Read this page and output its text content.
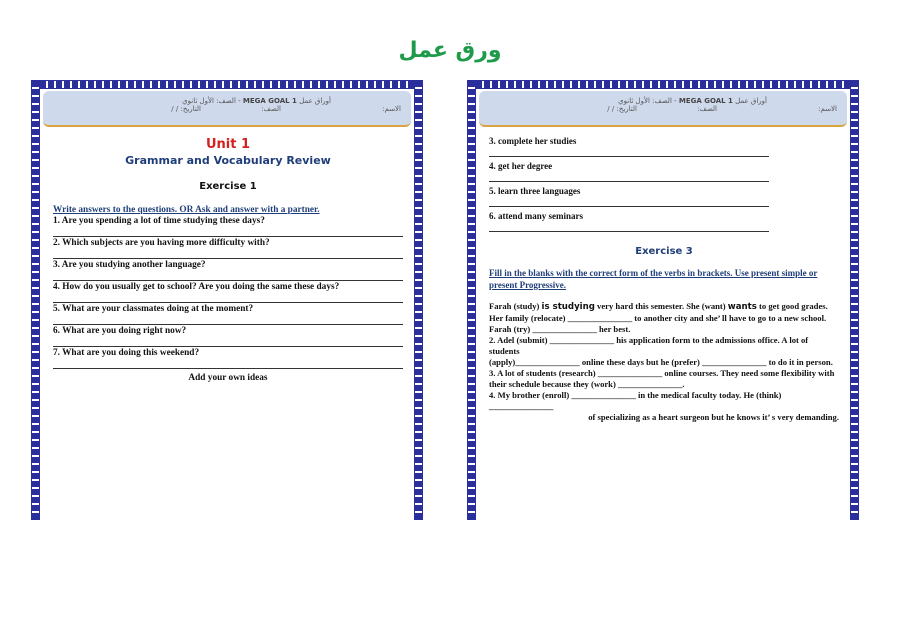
ورق عمل
أوراق عمل MEGA GOAL 1 - الصف: الأول ثانوي
الاسم:
الصف:
التاريخ: / /
Unit 1
Grammar and Vocabulary Review
Exercise 1
Write answers to the questions. OR Ask and answer with a partner.
1. Are you spending a lot of time studying these days?
2. Which subjects are you having more difficulty with?
3. Are you studying another language?
4. How do you usually get to school? Are you doing the same these days?
5. What are your classmates doing at the moment?
6. What are you doing right now?
7. What are you doing this weekend?
Add your own ideas
أوراق عمل MEGA GOAL 1 - الصف: الأول ثانوي
الاسم:
الصف:
التاريخ: / /
3. complete her studies
4. get her degree
5. learn three languages
6. attend many seminars
Exercise 3
Fill in the blanks with the correct form of the verbs in brackets. Use present simple or present Progressive.
Farah (study) is studying very hard this semester. She (want) wants to get good grades.
Her family (relocate) _______________ to another city and she’ ll have to go to a new school.
Farah (try) _______________ her best.
2. Adel (submit) _______________ his application form to the admissions office. A lot of students
(apply)_______________ online these days but he (prefer) _______________ to do it in person.
3. A lot of students (research) _______________ online courses. They need some flexibility with
their schedule because they (work) _______________.
4. My brother (enroll) _______________ in the medical faculty today. He (think)
_______________
of specializing as a heart surgeon but he knows it’ s very demanding.
